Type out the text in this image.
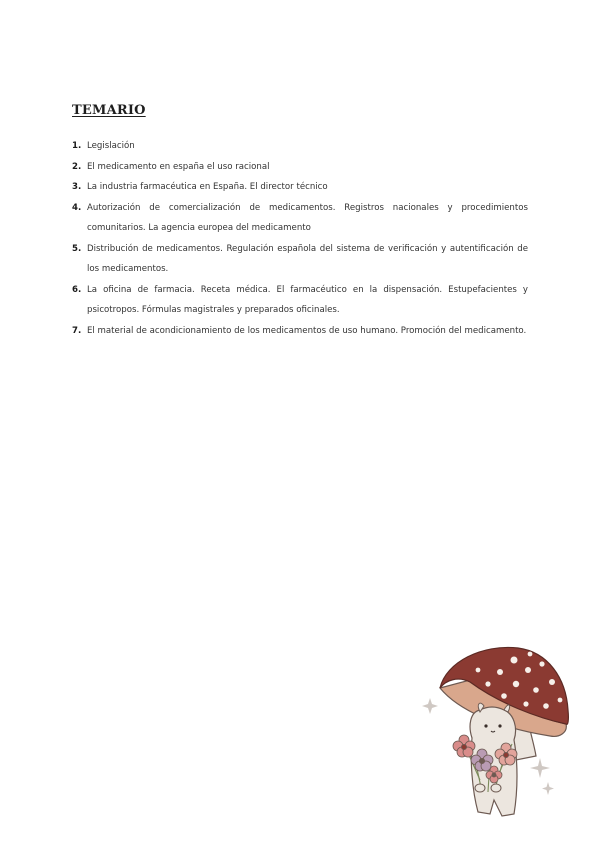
TEMARIO
1. Legislación
2. El medicamento en españa el uso racional
3. La industria farmacéutica en España. El director técnico
4. Autorización de comercialización de medicamentos. Registros nacionales y procedimientos comunitarios. La agencia europea del medicamento
5. Distribución de medicamentos. Regulación española del sistema de verificación y autentificación de los medicamentos.
6. La oficina de farmacia. Receta médica. El farmacéutico en la dispensación. Estupefacientes y psicotropos. Fórmulas magistrales y preparados oficinales.
7. El material de acondicionamiento de los medicamentos de uso humano. Promoción del medicamento.
